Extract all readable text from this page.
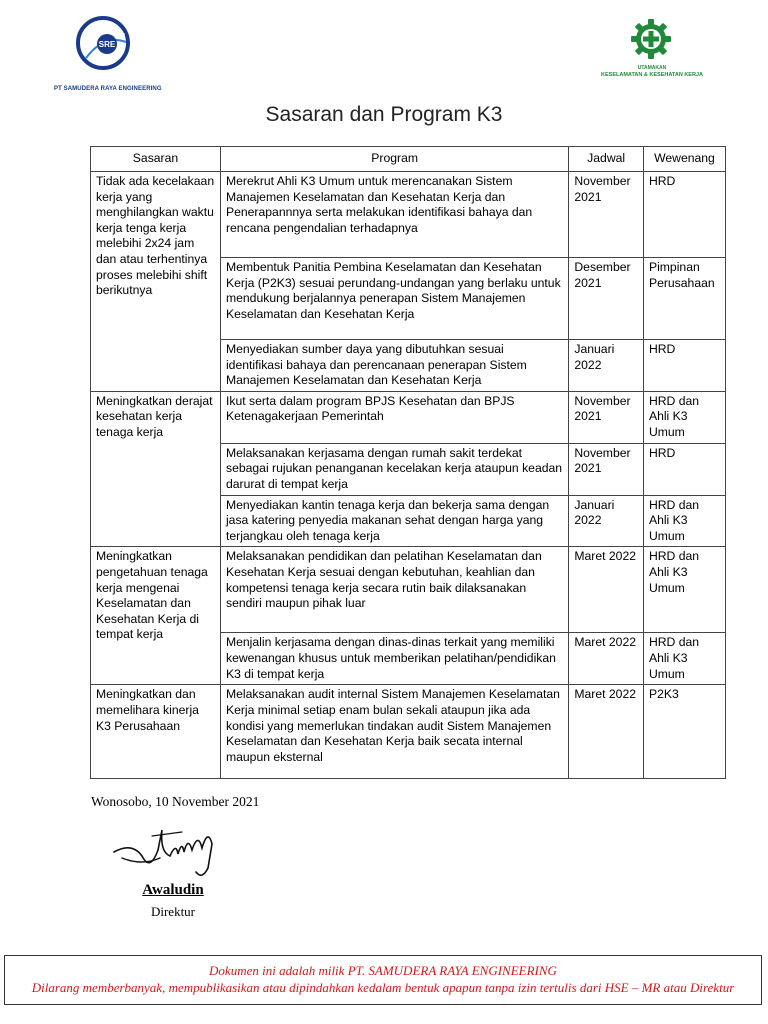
SRE
PT SAMUDERA RAYA ENGINEERING
UTAMAKAN
KESELAMATAN & KESEHATAN KERJA
Sasaran dan Program K3
Sasaran	Program	Jadwal	Wewenang
Tidak ada kecelakaan kerja yang menghilangkan waktu kerja tenga kerja melebihi 2x24 jam dan atau terhentinya proses melebihi shift berikutnya	Merekrut Ahli K3 Umum untuk merencanakan Sistem Manajemen Keselamatan dan Kesehatan Kerja dan Penerapannnya serta melakukan identifikasi bahaya dan rencana pengendalian terhadapnya	November 2021	HRD
	Membentuk Panitia Pembina Keselamatan dan Kesehatan Kerja (P2K3) sesuai perundang-undangan yang berlaku untuk mendukung berjalannya penerapan Sistem Manajemen Keselamatan dan Kesehatan Kerja	Desember 2021	Pimpinan Perusahaan
	Menyediakan sumber daya yang dibutuhkan sesuai identifikasi bahaya dan perencanaan penerapan Sistem Manajemen Keselamatan dan Kesehatan Kerja	Januari 2022	HRD
Meningkatkan derajat kesehatan kerja tenaga kerja	Ikut serta dalam program BPJS Kesehatan dan BPJS Ketenagakerjaan Pemerintah	November 2021	HRD dan Ahli K3 Umum
	Melaksanakan kerjasama dengan rumah sakit terdekat sebagai rujukan penanganan kecelakan kerja ataupun keadan darurat di tempat kerja	November 2021	HRD
	Menyediakan kantin tenaga kerja dan bekerja sama dengan jasa katering penyedia makanan sehat dengan harga yang terjangkau oleh tenaga kerja	Januari 2022	HRD dan Ahli K3 Umum
Meningkatkan pengetahuan tenaga kerja mengenai Keselamatan dan Kesehatan Kerja di tempat kerja	Melaksanakan pendidikan dan pelatihan Keselamatan dan Kesehatan Kerja sesuai dengan kebutuhan, keahlian dan kompetensi tenaga kerja secara rutin baik dilaksanakan sendiri maupun pihak luar	Maret 2022	HRD dan Ahli K3 Umum
	Menjalin kerjasama dengan dinas-dinas terkait yang memiliki kewenangan khusus untuk memberikan pelatihan/pendidikan K3 di tempat kerja	Maret 2022	HRD dan Ahli K3 Umum
Meningkatkan dan memelihara kinerja K3 Perusahaan	Melaksanakan audit internal Sistem Manajemen Keselamatan Kerja minimal setiap enam bulan sekali ataupun jika ada kondisi yang memerlukan tindakan audit Sistem Manajemen Keselamatan dan Kesehatan Kerja baik secata internal maupun eksternal	Maret 2022	P2K3
Wonosobo, 10 November 2021
Awaludin
Direktur
Dokumen ini adalah milik PT. SAMUDERA RAYA ENGINEERING
Dilarang memberbanyak, mempublikasikan atau dipindahkan kedalam bentuk apapun tanpa izin tertulis dari HSE – MR atau Direktur
